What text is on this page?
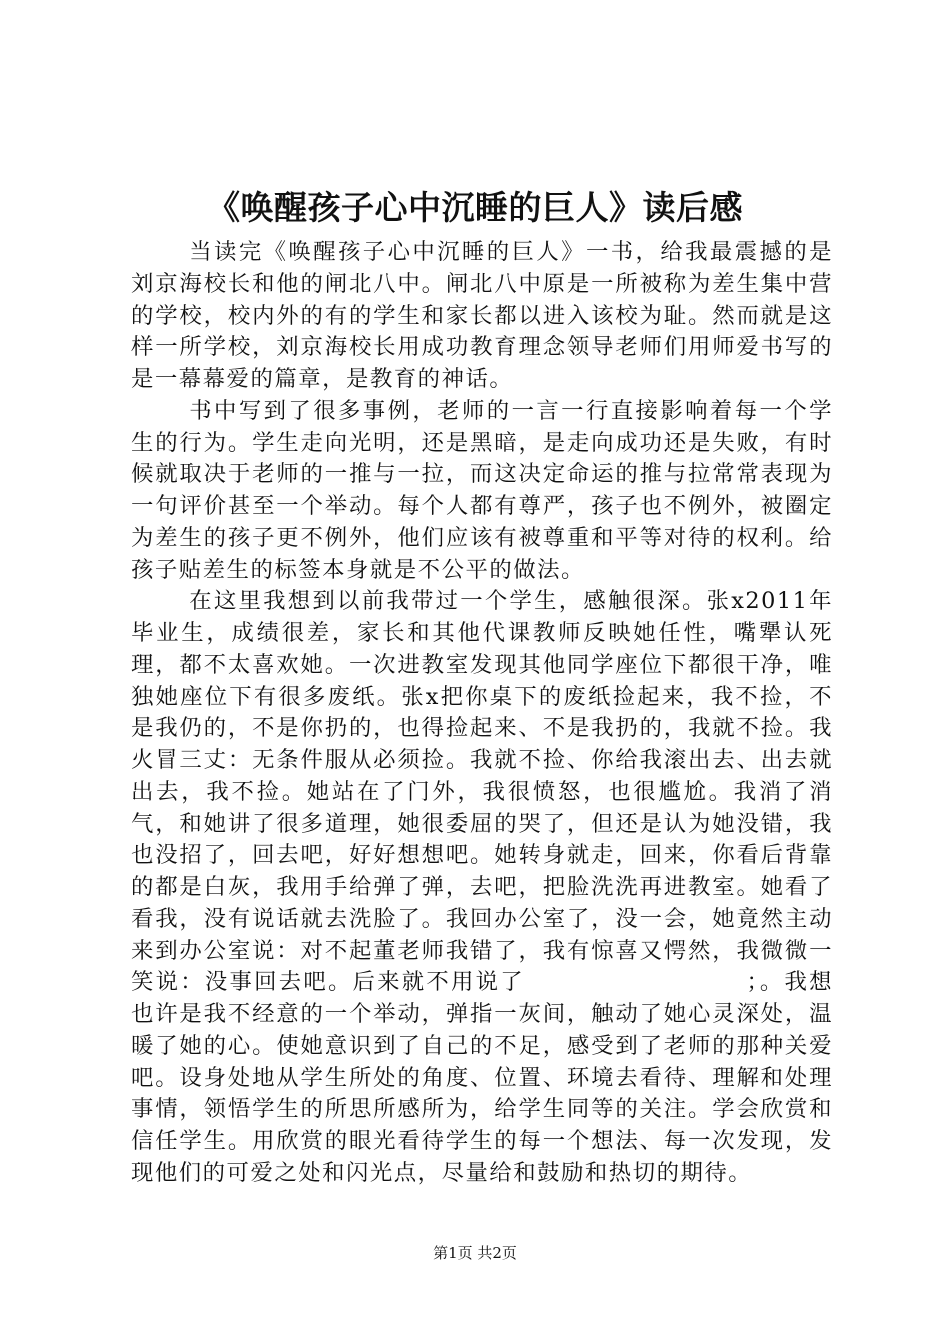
《唤醒孩子心中沉睡的巨人》读后感

当读完《唤醒孩子心中沉睡的巨人》一书，给我最震撼的是刘京海校长和他的闸北八中。闸北八中原是一所被称为差生集中营的学校，校内外的有的学生和家长都以进入该校为耻。然而就是这样一所学校，刘京海校长用成功教育理念领导老师们用师爱书写的是一幕幕爱的篇章，是教育的神话。

书中写到了很多事例，老师的一言一行直接影响着每一个学生的行为。学生走向光明，还是黑暗，是走向成功还是失败，有时候就取决于老师的一推与一拉，而这决定命运的推与拉常常表现为一句评价甚至一个举动。每个人都有尊严，孩子也不例外，被圈定为差生的孩子更不例外，他们应该有被尊重和平等对待的权利。给孩子贴差生的标签本身就是不公平的做法。

在这里我想到以前我带过一个学生，感触很深。张x2011年毕业生，成绩很差，家长和其他代课教师反映她任性，嘴犟认死理，都不太喜欢她。一次进教室发现其他同学座位下都很干净，唯独她座位下有很多废纸。张x把你桌下的废纸捡起来，我不捡，不是我仍的，不是你扔的，也得捡起来、不是我扔的，我就不捡。我火冒三丈：无条件服从必须捡。我就不捡、你给我滚出去、出去就出去，我不捡。她站在了门外，我很愤怒，也很尴尬。我消了消气，和她讲了很多道理，她很委屈的哭了，但还是认为她没错，我也没招了，回去吧，好好想想吧。她转身就走，回来，你看后背靠的都是白灰，我用手给弹了弹，去吧，把脸洗洗再进教室。她看了看我，没有说话就去洗脸了。我回办公室了，没一会，她竟然主动来到办公室说：对不起董老师我错了，我有惊喜又愕然，我微微一笑说：没事回去吧。后来就不用说了　　　　　　　　　；。我想也许是我不经意的一个举动，弹指一灰间，触动了她心灵深处，温暖了她的心。使她意识到了自己的不足，感受到了老师的那种关爱吧。设身处地从学生所处的角度、位置、环境去看待、理解和处理事情，领悟学生的所思所感所为，给学生同等的关注。学会欣赏和信任学生。用欣赏的眼光看待学生的每一个想法、每一次发现，发现他们的可爱之处和闪光点，尽量给和鼓励和热切的期待。

第1页 共2页
